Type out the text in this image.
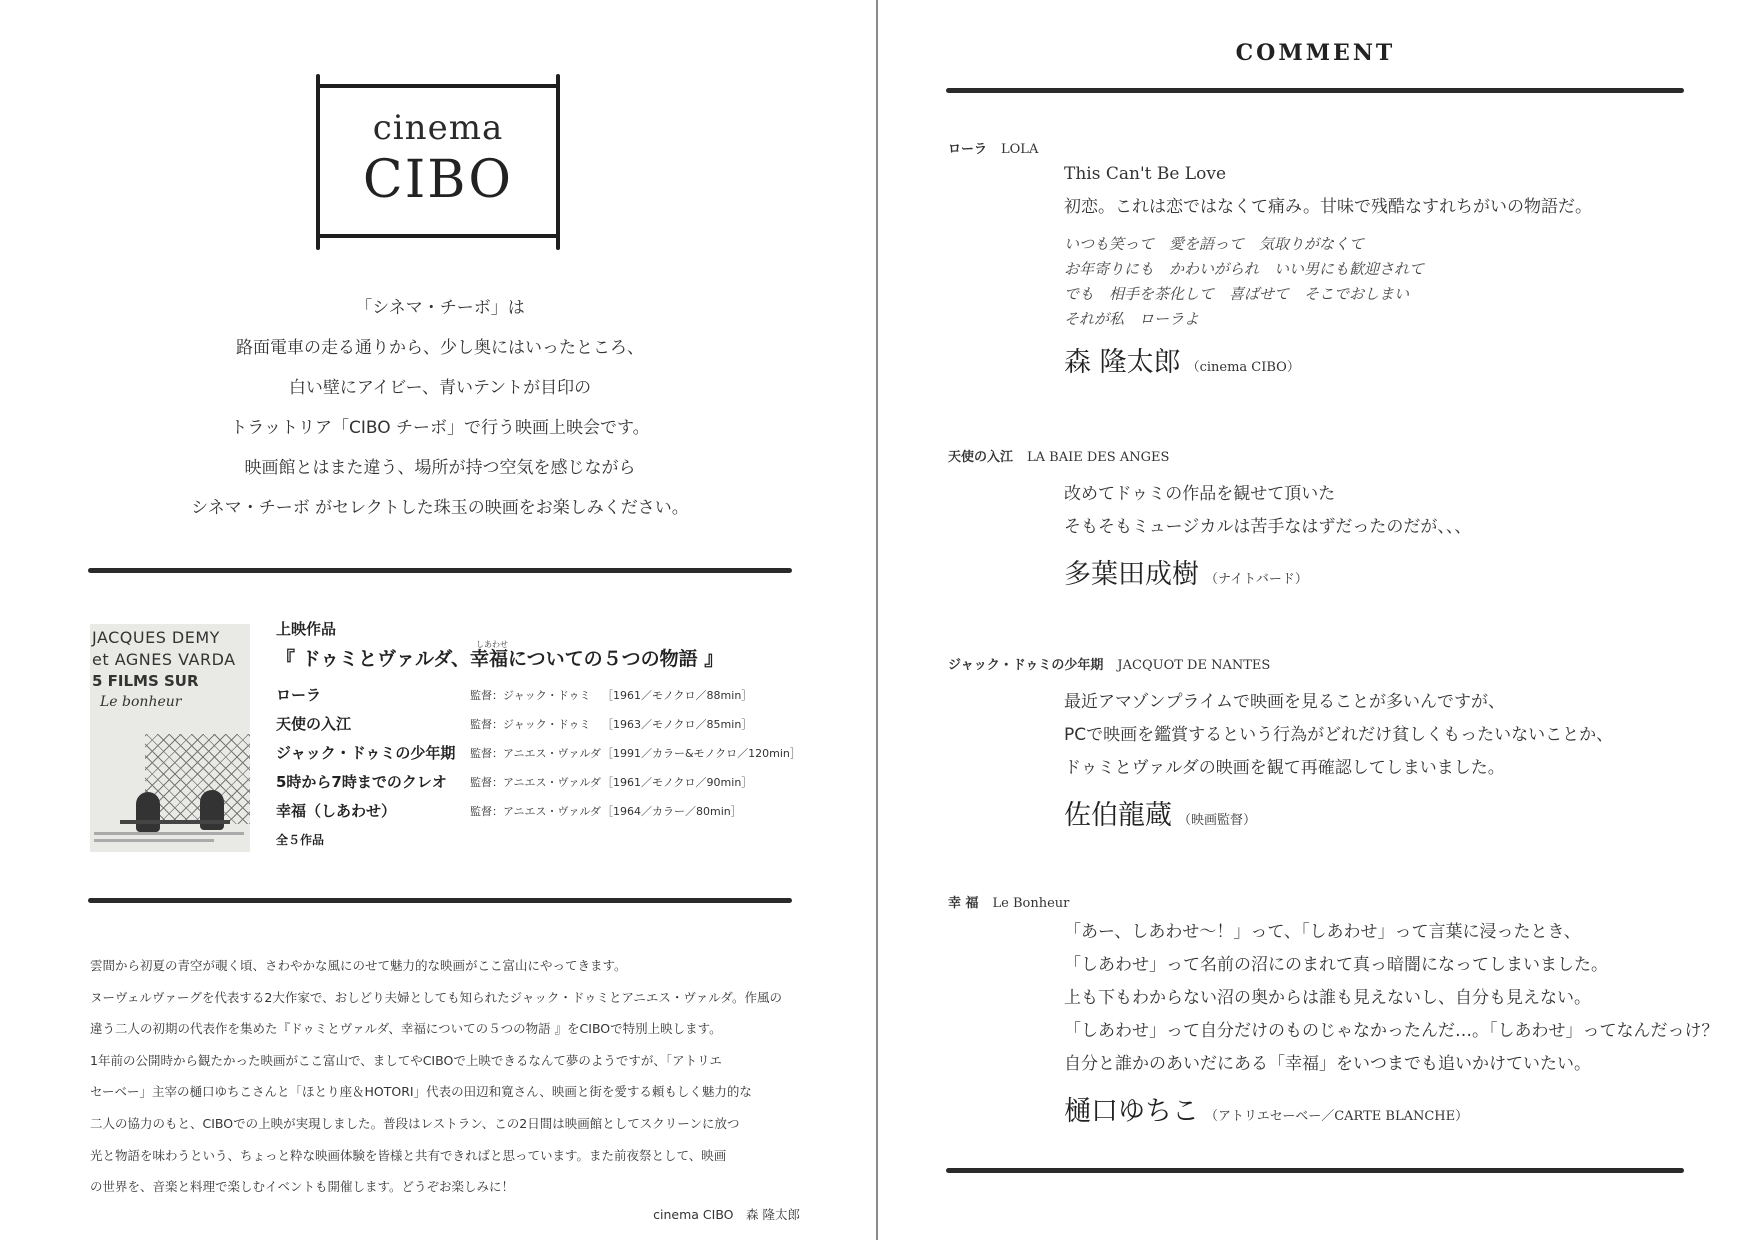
cinema
CIBO

「シネマ・チーボ」は

路面電車の走る通りから、少し奥にはいったところ、

白い壁にアイビー、青いテントが目印の

トラットリア「CIBO チーボ」で行う映画上映会です。

映画館とはまた違う、場所が持つ空気を感じながら

シネマ・チーボ がセレクトした珠玉の映画をお楽しみください。

JACQUES DEMY
et AGNES VARDA
5 FILMS SUR
Le bonheur
上映作品
しあわせ
『 ドゥミとヴァルダ、幸福についての５つの物語 』
ローラ	監督：ジャック・ドゥミ ［1961／モノクロ／88min］
天使の入江	監督：ジャック・ドゥミ ［1963／モノクロ／85min］
ジャック・ドゥミの少年期 監督：アニエス・ヴァルダ ［1991／カラー&モノクロ／120min］
5時から7時までのクレオ 監督：アニエス・ヴァルダ ［1961／モノクロ／90min］
幸福（しあわせ）	監督：アニエス・ヴァルダ ［1964／カラー／80min］
全５作品

雲間から初夏の青空が覗く頃、さわやかな風にのせて魅力的な映画がここ富山にやってきます。

ヌーヴェルヴァーグを代表する2大作家で、おしどり夫婦としても知られたジャック・ドゥミとアニエス・ヴァルダ。作風の

違う二人の初期の代表作を集めた『ドゥミとヴァルダ、幸福についての５つの物語 』をCIBOで特別上映します。

1年前の公開時から観たかった映画がここ富山で、ましてやCIBOで上映できるなんて夢のようですが、「アトリエ

セーベー」主宰の樋口ゆちこさんと「ほとり座＆HOTORI」代表の田辺和寛さん、映画と街を愛する頼もしく魅力的な

二人の協力のもと、CIBOでの上映が実現しました。普段はレストラン、この2日間は映画館としてスクリーンに放つ

光と物語を味わうという、ちょっと粋な映画体験を皆様と共有できればと思っています。また前夜祭として、映画

の世界を、音楽と料理で楽しむイベントも開催します。どうぞお楽しみに！

cinema CIBO　森 隆太郎

COMMENT
ローラ LOLA
This Can't Be Love
初恋。これは恋ではなくて痛み。甘味で残酷なすれちがいの物語だ。
いつも笑って　愛を語って　気取りがなくて
お年寄りにも　かわいがられ　いい男にも歓迎されて
でも　相手を茶化して　喜ばせて　そこでおしまい
それが私　ローラよ
森 隆太郎 （cinema CIBO）
天使の入江 LA BAIE DES ANGES
改めてドゥミの作品を観せて頂いた
そもそもミュージカルは苦手なはずだったのだが、、、
多葉田成樹 （ナイトバード）
ジャック・ドゥミの少年期 JACQUOT DE NANTES
最近アマゾンプライムで映画を見ることが多いんですが、
PCで映画を鑑賞するという行為がどれだけ貧しくもったいないことか、
ドゥミとヴァルダの映画を観て再確認してしまいました。
佐伯龍蔵 （映画監督）
幸 福 Le Bonheur
「あー、しあわせ〜！」って、「しあわせ」って言葉に浸ったとき、
「しあわせ」って名前の沼にのまれて真っ暗闇になってしまいました。
上も下もわからない沼の奥からは誰も見えないし、自分も見えない。
「しあわせ」って自分だけのものじゃなかったんだ…。「しあわせ」ってなんだっけ？
自分と誰かのあいだにある「幸福」をいつまでも追いかけていたい。
樋口ゆちこ （アトリエセーベー／CARTE BLANCHE）
